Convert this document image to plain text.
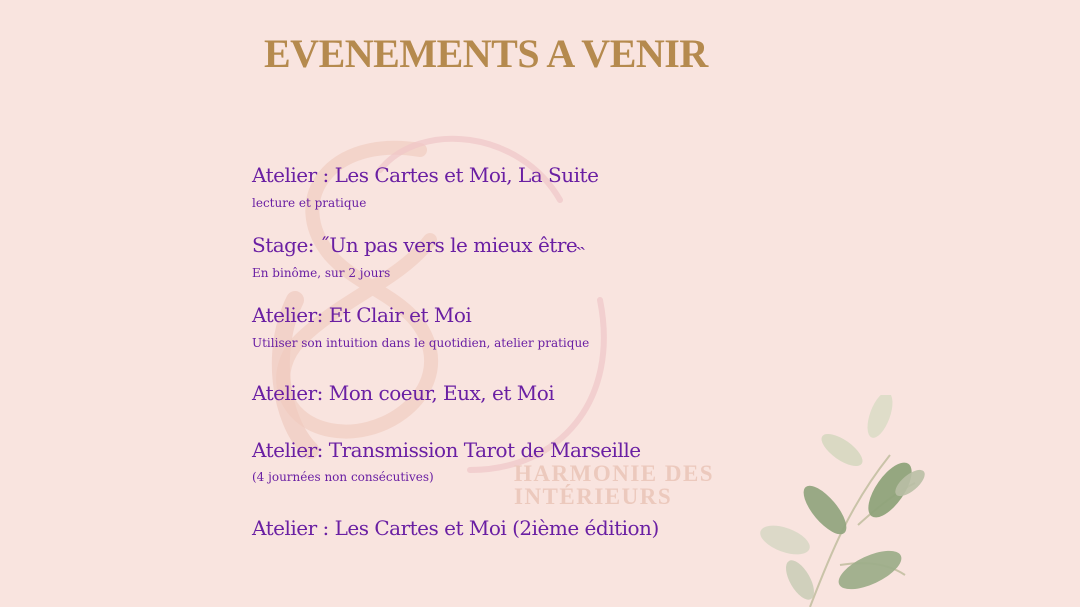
HARMONIE DES
INTÉRIEURS
EVENEMENTS A VENIR
Atelier : Les Cartes et Moi, La Suite
lecture et pratique
Stage: ˝Un pas vers le mieux être˵
En binôme, sur 2 jours
Atelier: Et Clair et Moi
Utiliser son intuition dans le quotidien, atelier pratique
Atelier: Mon coeur, Eux, et Moi
Atelier: Transmission Tarot de Marseille
(4 journées non consécutives)
Atelier : Les Cartes et Moi (2ième édition)
